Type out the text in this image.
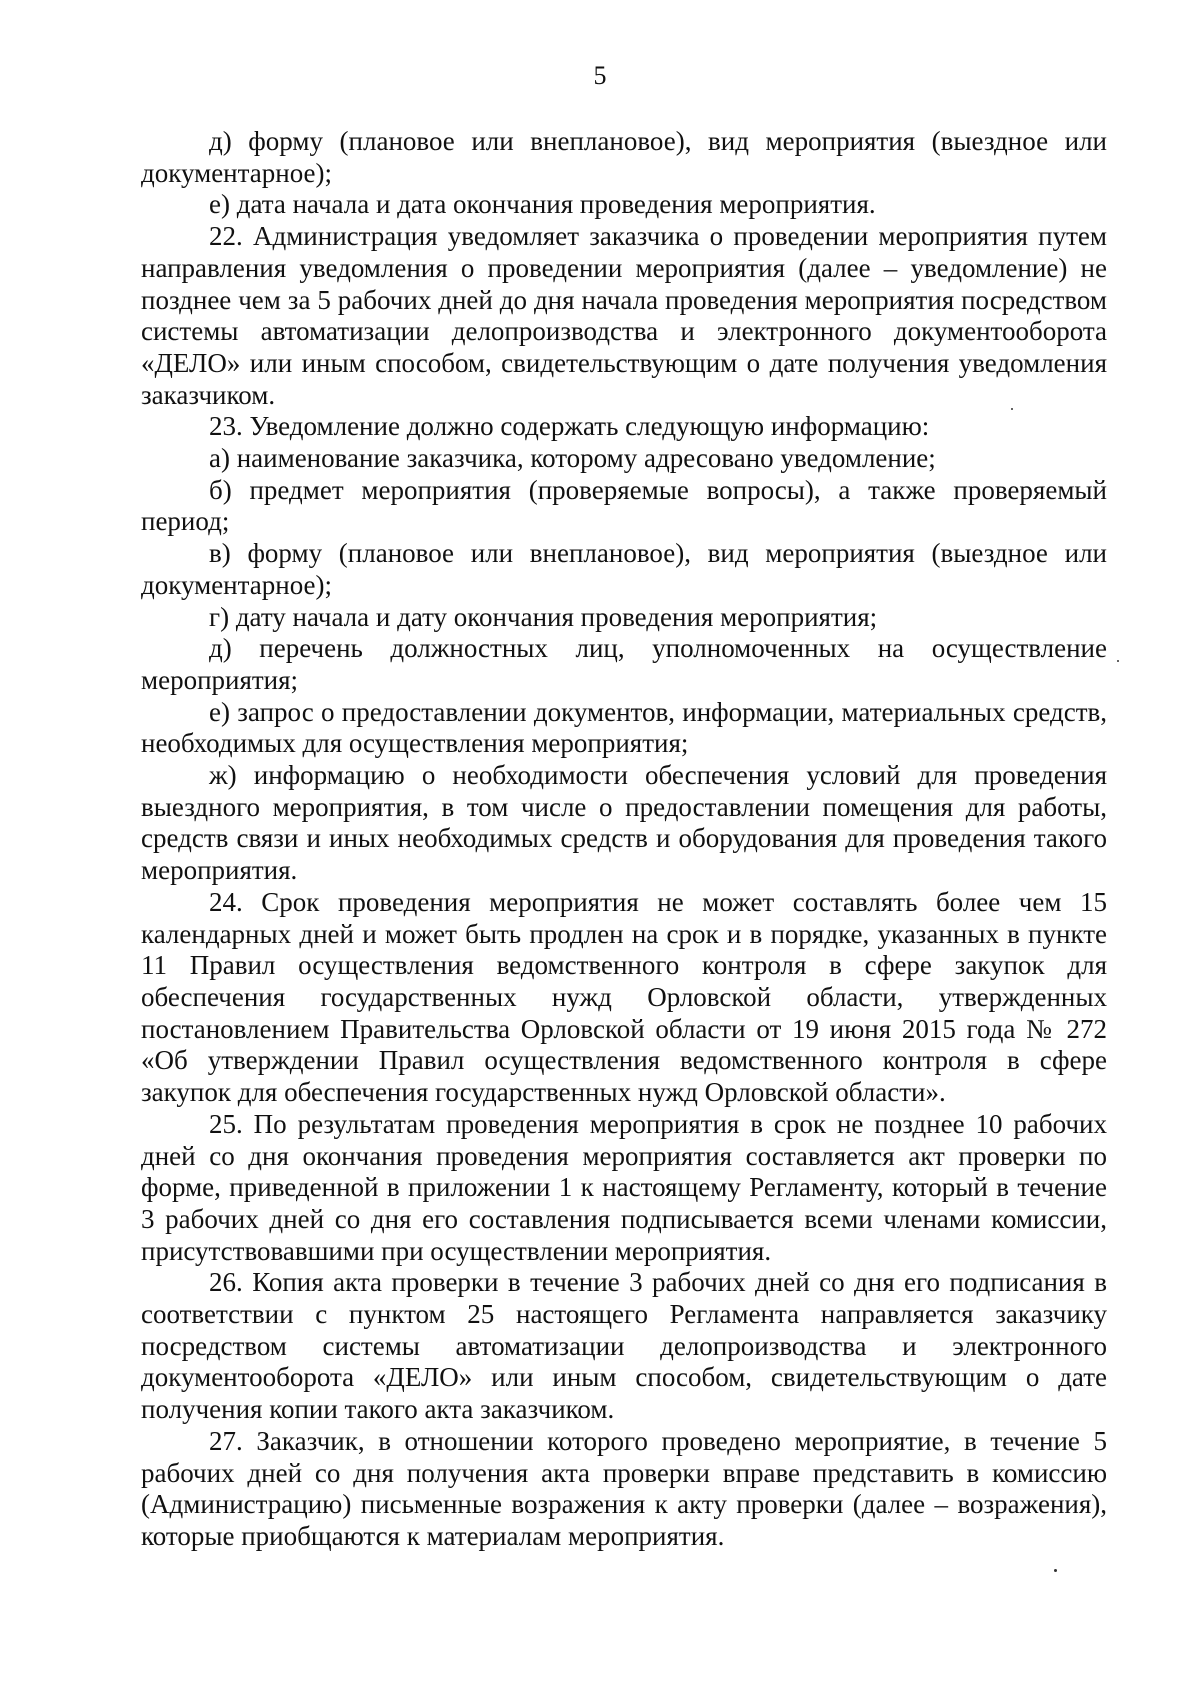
5

д) форму (плановое или внеплановое), вид мероприятия (выездное или документарное);

е) дата начала и дата окончания проведения мероприятия.

22. Администрация уведомляет заказчика о проведении мероприятия путем направления уведомления о проведении мероприятия (далее – уведомление) не позднее чем за 5 рабочих дней до дня начала проведения мероприятия посредством системы автоматизации делопроизводства и электронного документооборота «ДЕЛО» или иным способом, свидетельствующим о дате получения уведомления заказчиком.

23. Уведомление должно содержать следующую информацию:

а) наименование заказчика, которому адресовано уведомление;

б) предмет мероприятия (проверяемые вопросы), а также проверяемый период;

в) форму (плановое или внеплановое), вид мероприятия (выездное или документарное);

г) дату начала и дату окончания проведения мероприятия;

д) перечень должностных лиц, уполномоченных на осуществление мероприятия;

е) запрос о предоставлении документов, информации, материальных средств, необходимых для осуществления мероприятия;

ж) информацию о необходимости обеспечения условий для проведения выездного мероприятия, в том числе о предоставлении помещения для работы, средств связи и иных необходимых средств и оборудования для проведения такого мероприятия.

24. Срок проведения мероприятия не может составлять более чем 15 календарных дней и может быть продлен на срок и в порядке, указанных в пункте 11 Правил осуществления ведомственного контроля в сфере закупок для обеспечения государственных нужд Орловской области, утвержденных постановлением Правительства Орловской области от 19 июня 2015 года № 272 «Об утверждении Правил осуществления ведомственного контроля в сфере закупок для обеспечения государственных нужд Орловской области».

25. По результатам проведения мероприятия в срок не позднее 10 рабочих дней со дня окончания проведения мероприятия составляется акт проверки по форме, приведенной в приложении 1 к настоящему Регламенту, который в течение 3 рабочих дней со дня его составления подписывается всеми членами комиссии, присутствовавшими при осуществлении мероприятия.

26. Копия акта проверки в течение 3 рабочих дней со дня его подписания в соответствии с пунктом 25 настоящего Регламента направляется заказчику посредством системы автоматизации делопроизводства и электронного документооборота «ДЕЛО» или иным способом, свидетельствующим о дате получения копии такого акта заказчиком.

27. Заказчик, в отношении которого проведено мероприятие, в течение 5 рабочих дней со дня получения акта проверки вправе представить в комиссию (Администрацию) письменные возражения к акту проверки (далее – возражения), которые приобщаются к материалам мероприятия.
